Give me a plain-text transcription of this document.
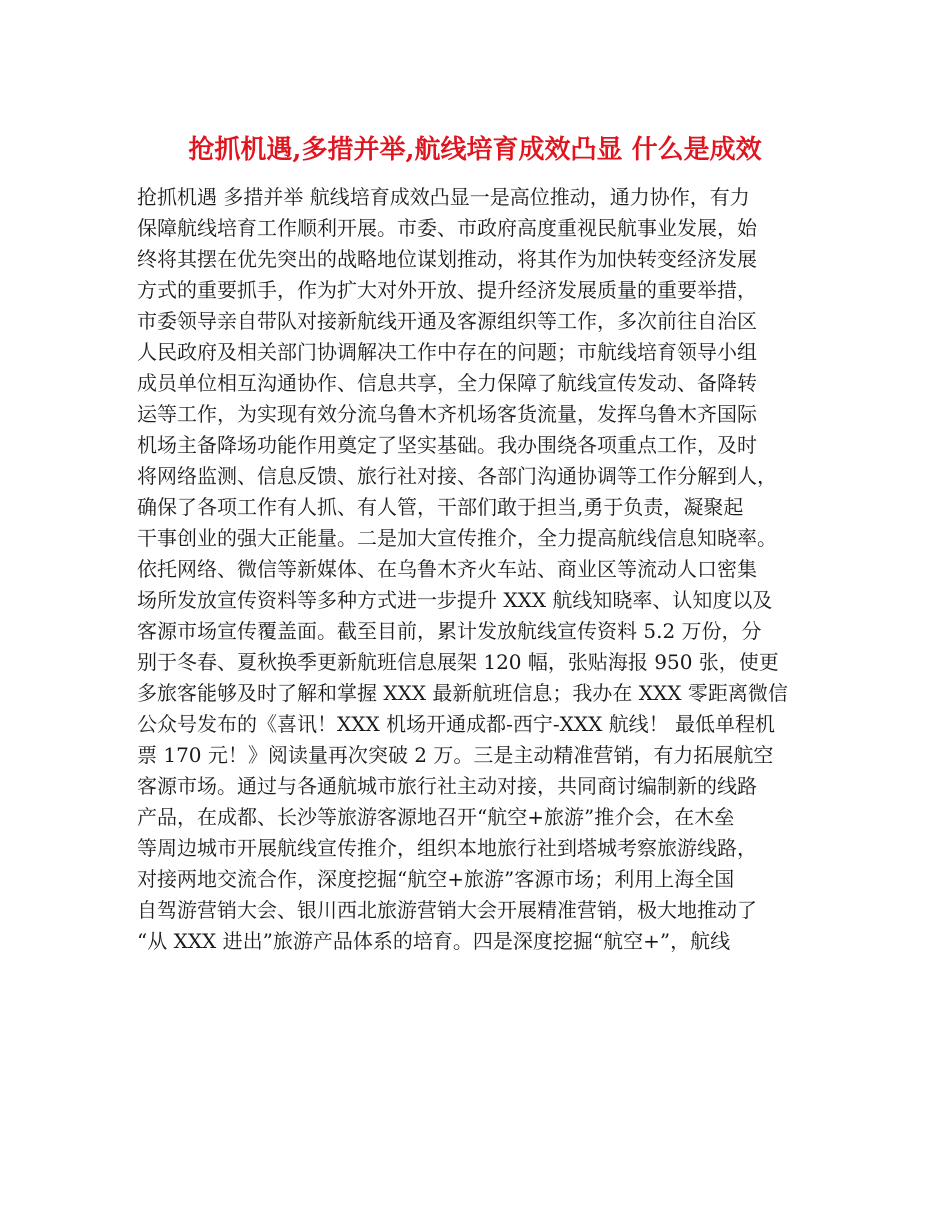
抢抓机遇,多措并举,航线培育成效凸显 什么是成效
抢抓机遇 多措并举 航线培育成效凸显一是高位推动，通力协作，有力
保障航线培育工作顺利开展。市委、市政府高度重视民航事业发展，始
终将其摆在优先突出的战略地位谋划推动，将其作为加快转变经济发展
方式的重要抓手，作为扩大对外开放、提升经济发展质量的重要举措，
市委领导亲自带队对接新航线开通及客源组织等工作，多次前往自治区
人民政府及相关部门协调解决工作中存在的问题；市航线培育领导小组
成员单位相互沟通协作、信息共享，全力保障了航线宣传发动、备降转
运等工作，为实现有效分流乌鲁木齐机场客货流量，发挥乌鲁木齐国际
机场主备降场功能作用奠定了坚实基础。我办围绕各项重点工作，及时
将网络监测、信息反馈、旅行社对接、各部门沟通协调等工作分解到人，
确保了各项工作有人抓、有人管，干部们敢于担当,勇于负责，凝聚起
干事创业的强大正能量。二是加大宣传推介，全力提高航线信息知晓率。
依托网络、微信等新媒体、在乌鲁木齐火车站、商业区等流动人口密集
场所发放宣传资料等多种方式进一步提升 XXX 航线知晓率、认知度以及
客源市场宣传覆盖面。截至目前，累计发放航线宣传资料 5.2 万份，分
别于冬春、夏秋换季更新航班信息展架 120 幅，张贴海报 950 张，使更
多旅客能够及时了解和掌握 XXX 最新航班信息；我办在 XXX 零距离微信
公众号发布的《喜讯！XXX 机场开通成都-西宁-XXX 航线！ 最低单程机
票 170 元！》阅读量再次突破 2 万。三是主动精准营销，有力拓展航空
客源市场。通过与各通航城市旅行社主动对接，共同商讨编制新的线路
产品，在成都、长沙等旅游客源地召开“航空+旅游”推介会，在木垒
等周边城市开展航线宣传推介，组织本地旅行社到塔城考察旅游线路，
对接两地交流合作，深度挖掘“航空+旅游”客源市场；利用上海全国
自驾游营销大会、银川西北旅游营销大会开展精准营销，极大地推动了
“从 XXX 进出”旅游产品体系的培育。四是深度挖掘“航空+”，航线
